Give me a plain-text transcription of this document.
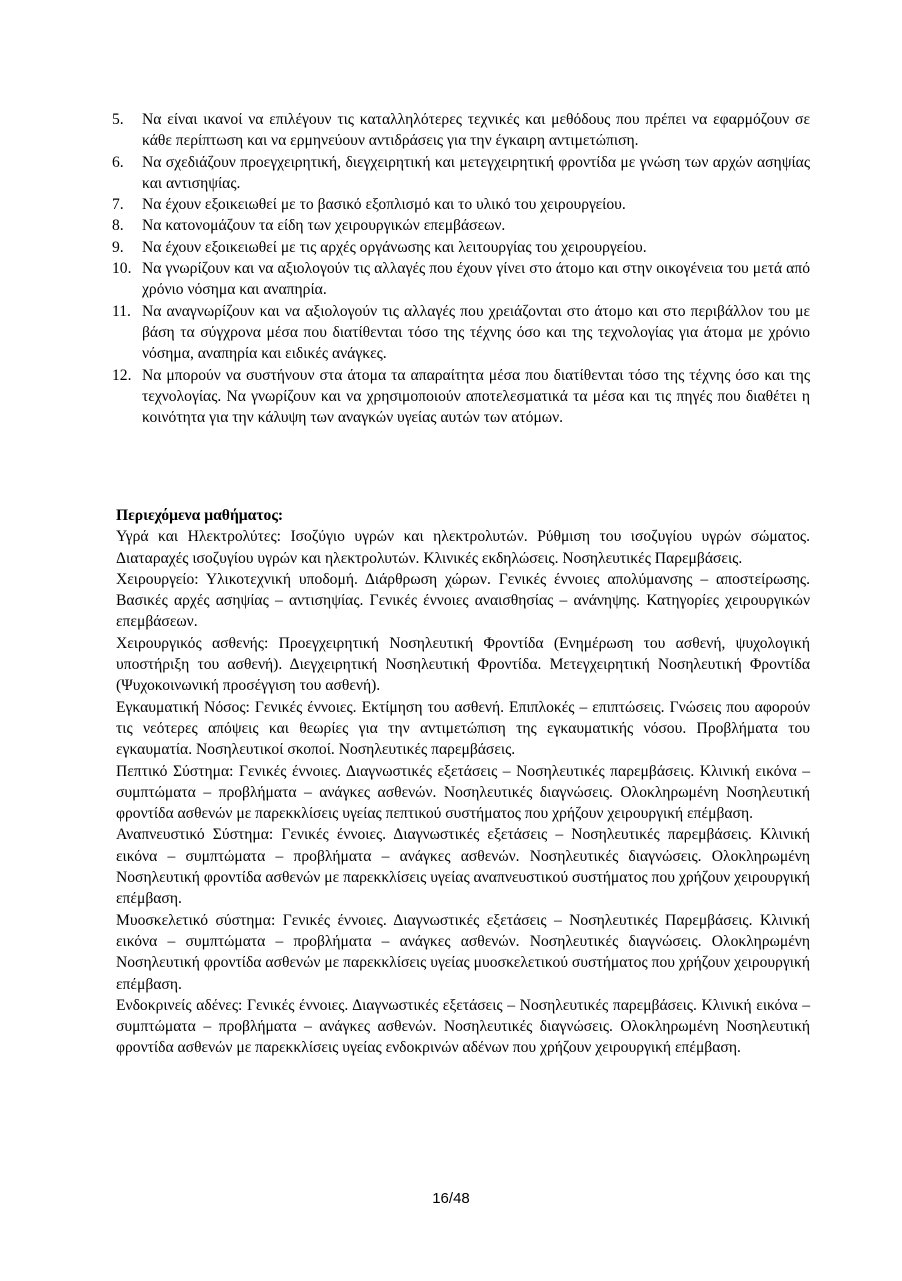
5.	Να είναι ικανοί να επιλέγουν τις καταλληλότερες τεχνικές και μεθόδους που πρέπει να εφαρμόζουν σε κάθε περίπτωση και να ερμηνεύουν αντιδράσεις για την έγκαιρη αντιμετώπιση.
6.	Να σχεδιάζουν προεγχειρητική, διεγχειρητική και μετεγχειρητική φροντίδα με γνώση των αρχών ασηψίας και αντισηψίας.
7.	Να έχουν εξοικειωθεί με το βασικό εξοπλισμό και το υλικό του χειρουργείου.
8.	Να κατονομάζουν τα είδη των χειρουργικών επεμβάσεων.
9.	Να έχουν εξοικειωθεί με τις αρχές οργάνωσης και λειτουργίας του χειρουργείου.
10. Να γνωρίζουν και να αξιολογούν τις αλλαγές που έχουν γίνει στο άτομο και στην οικογένεια του μετά από χρόνιο νόσημα και αναπηρία.
11. Να αναγνωρίζουν και να αξιολογούν τις αλλαγές που χρειάζονται στο άτομο και στο περιβάλλον του με βάση τα σύγχρονα μέσα που διατίθενται τόσο της τέχνης όσο και της τεχνολογίας για άτομα με χρόνιο νόσημα, αναπηρία και ειδικές ανάγκες.
12. Να μπορούν να συστήνουν στα άτομα τα απαραίτητα μέσα που διατίθενται τόσο της τέχνης όσο και της τεχνολογίας. Να γνωρίζουν και να χρησιμοποιούν αποτελεσματικά τα μέσα και τις πηγές που διαθέτει η κοινότητα για την κάλυψη των αναγκών υγείας αυτών των ατόμων.
Περιεχόμενα μαθήματος:

Υγρά και Ηλεκτρολύτες: Ισοζύγιο υγρών και ηλεκτρολυτών. Ρύθμιση του ισοζυγίου υγρών σώματος. Διαταραχές ισοζυγίου υγρών και ηλεκτρολυτών. Κλινικές εκδηλώσεις. Νοσηλευτικές Παρεμβάσεις.

Χειρουργείο: Υλικοτεχνική υποδομή. Διάρθρωση χώρων. Γενικές έννοιες απολύμανσης – αποστείρωσης. Βασικές αρχές ασηψίας – αντισηψίας. Γενικές έννοιες αναισθησίας – ανάνηψης. Κατηγορίες χειρουργικών επεμβάσεων.

Χειρουργικός ασθενής: Προεγχειρητική Νοσηλευτική Φροντίδα (Ενημέρωση του ασθενή, ψυχολογική υποστήριξη του ασθενή). Διεγχειρητική Νοσηλευτική Φροντίδα. Μετεγχειρητική Νοσηλευτική Φροντίδα (Ψυχοκοινωνική προσέγγιση του ασθενή).

Εγκαυματική Νόσος: Γενικές έννοιες. Εκτίμηση του ασθενή. Επιπλοκές – επιπτώσεις. Γνώσεις που αφορούν τις νεότερες απόψεις και θεωρίες για την αντιμετώπιση της εγκαυματικής νόσου. Προβλήματα του εγκαυματία. Νοσηλευτικοί σκοποί. Νοσηλευτικές παρεμβάσεις.

Πεπτικό Σύστημα: Γενικές έννοιες. Διαγνωστικές εξετάσεις – Νοσηλευτικές παρεμβάσεις. Κλινική εικόνα – συμπτώματα – προβλήματα – ανάγκες ασθενών. Νοσηλευτικές διαγνώσεις. Ολοκληρωμένη Νοσηλευτική φροντίδα ασθενών με παρεκκλίσεις υγείας πεπτικού συστήματος που χρήζουν χειρουργική επέμβαση.

Αναπνευστικό Σύστημα: Γενικές έννοιες. Διαγνωστικές εξετάσεις – Νοσηλευτικές παρεμβάσεις. Κλινική εικόνα – συμπτώματα – προβλήματα – ανάγκες ασθενών. Νοσηλευτικές διαγνώσεις. Ολοκληρωμένη Νοσηλευτική φροντίδα ασθενών με παρεκκλίσεις υγείας αναπνευστικού συστήματος που χρήζουν χειρουργική επέμβαση.

Μυοσκελετικό σύστημα: Γενικές έννοιες. Διαγνωστικές εξετάσεις – Νοσηλευτικές Παρεμβάσεις. Κλινική εικόνα – συμπτώματα – προβλήματα – ανάγκες ασθενών. Νοσηλευτικές διαγνώσεις. Ολοκληρωμένη Νοσηλευτική φροντίδα ασθενών με παρεκκλίσεις υγείας μυοσκελετικού συστήματος που χρήζουν χειρουργική επέμβαση.

Ενδοκρινείς αδένες: Γενικές έννοιες. Διαγνωστικές εξετάσεις – Νοσηλευτικές παρεμβάσεις. Κλινική εικόνα – συμπτώματα – προβλήματα – ανάγκες ασθενών. Νοσηλευτικές διαγνώσεις. Ολοκληρωμένη Νοσηλευτική φροντίδα ασθενών με παρεκκλίσεις υγείας ενδοκρινών αδένων που χρήζουν χειρουργική επέμβαση.

16/48
